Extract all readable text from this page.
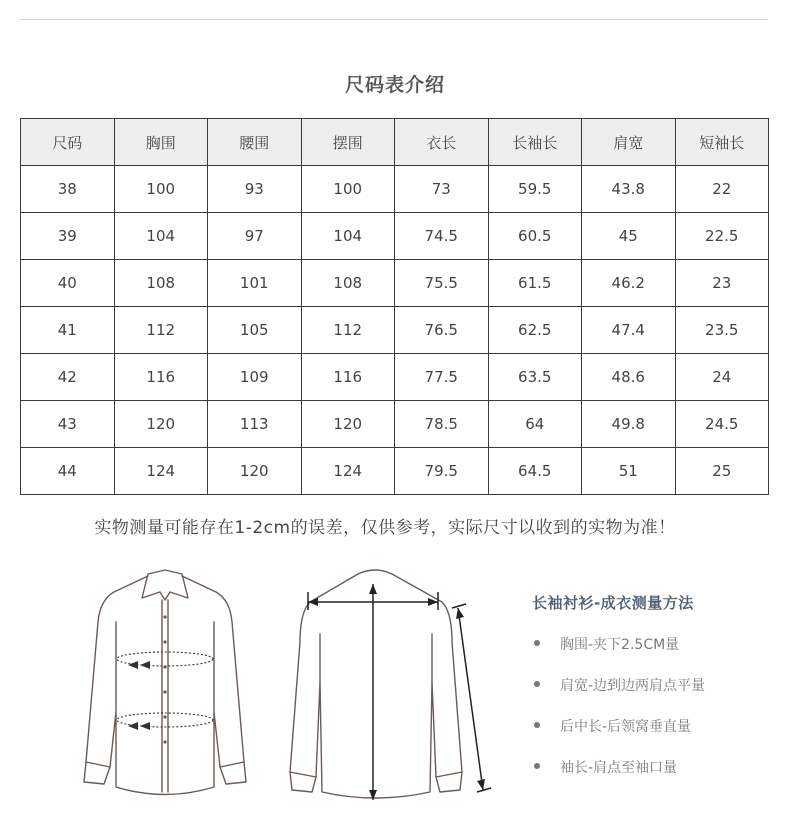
尺码表介绍
尺码	胸围	腰围	摆围	衣长	长袖长	肩宽	短袖长
38	100	93	100	73	59.5	43.8	22
39	104	97	104	74.5	60.5	45	22.5
40	108	101	108	75.5	61.5	46.2	23
41	112	105	112	76.5	62.5	47.4	23.5
42	116	109	116	77.5	63.5	48.6	24
43	120	113	120	78.5	64	49.8	24.5
44	124	120	124	79.5	64.5	51	25
实物测量可能存在1-2cm的误差，仅供参考，实际尺寸以收到的实物为准！
长袖衬衫-成衣测量方法
胸围-夹下2.5CM量
肩宽-边到边两肩点平量
后中长-后领窝垂直量
袖长-肩点至袖口量
